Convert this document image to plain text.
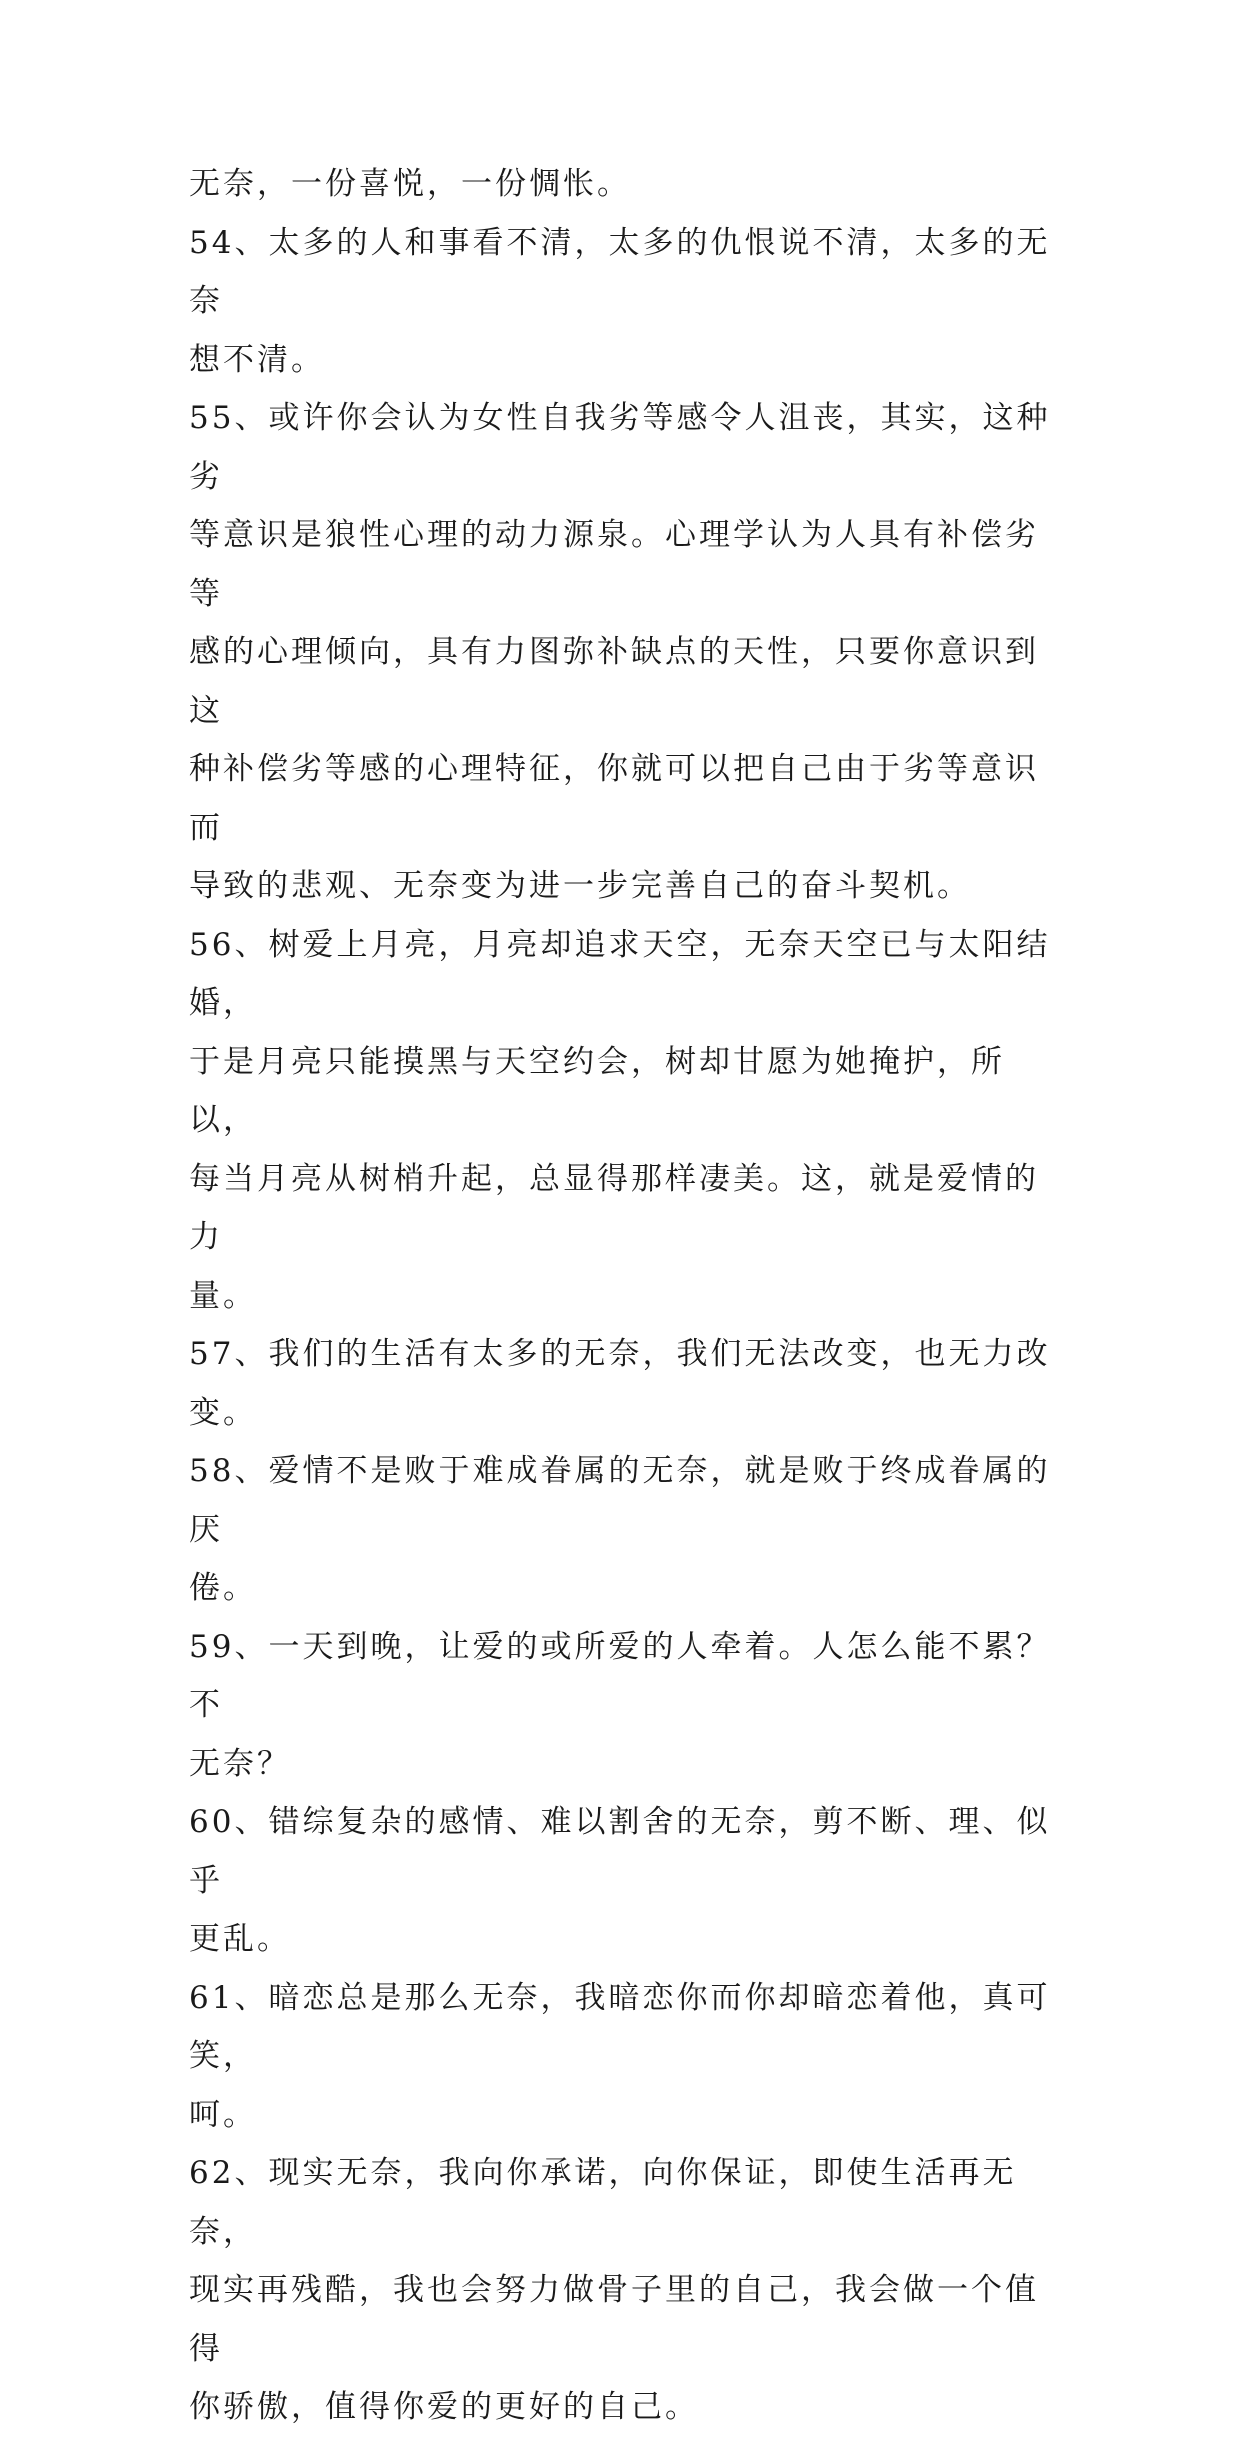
无奈，一份喜悦，一份惆怅。

54、太多的人和事看不清，太多的仇恨说不清，太多的无奈
想不清。

55、或许你会认为女性自我劣等感令人沮丧，其实，这种劣
等意识是狼性心理的动力源泉。心理学认为人具有补偿劣等
感的心理倾向，具有力图弥补缺点的天性，只要你意识到这
种补偿劣等感的心理特征，你就可以把自己由于劣等意识而
导致的悲观、无奈变为进一步完善自己的奋斗契机。

56、树爱上月亮，月亮却追求天空，无奈天空已与太阳结婚，
于是月亮只能摸黑与天空约会，树却甘愿为她掩护，所以，
每当月亮从树梢升起，总显得那样凄美。这，就是爱情的力
量。

57、我们的生活有太多的无奈，我们无法改变，也无力改变。

58、爱情不是败于难成眷属的无奈，就是败于终成眷属的厌
倦。

59、一天到晚，让爱的或所爱的人牵着。人怎么能不累？不
无奈？

60、错综复杂的感情、难以割舍的无奈，剪不断、理、似乎
更乱。

61、暗恋总是那么无奈，我暗恋你而你却暗恋着他，真可笑，
呵。

62、现实无奈，我向你承诺，向你保证，即使生活再无奈，
现实再残酷，我也会努力做骨子里的自己，我会做一个值得
你骄傲，值得你爱的更好的自己。
